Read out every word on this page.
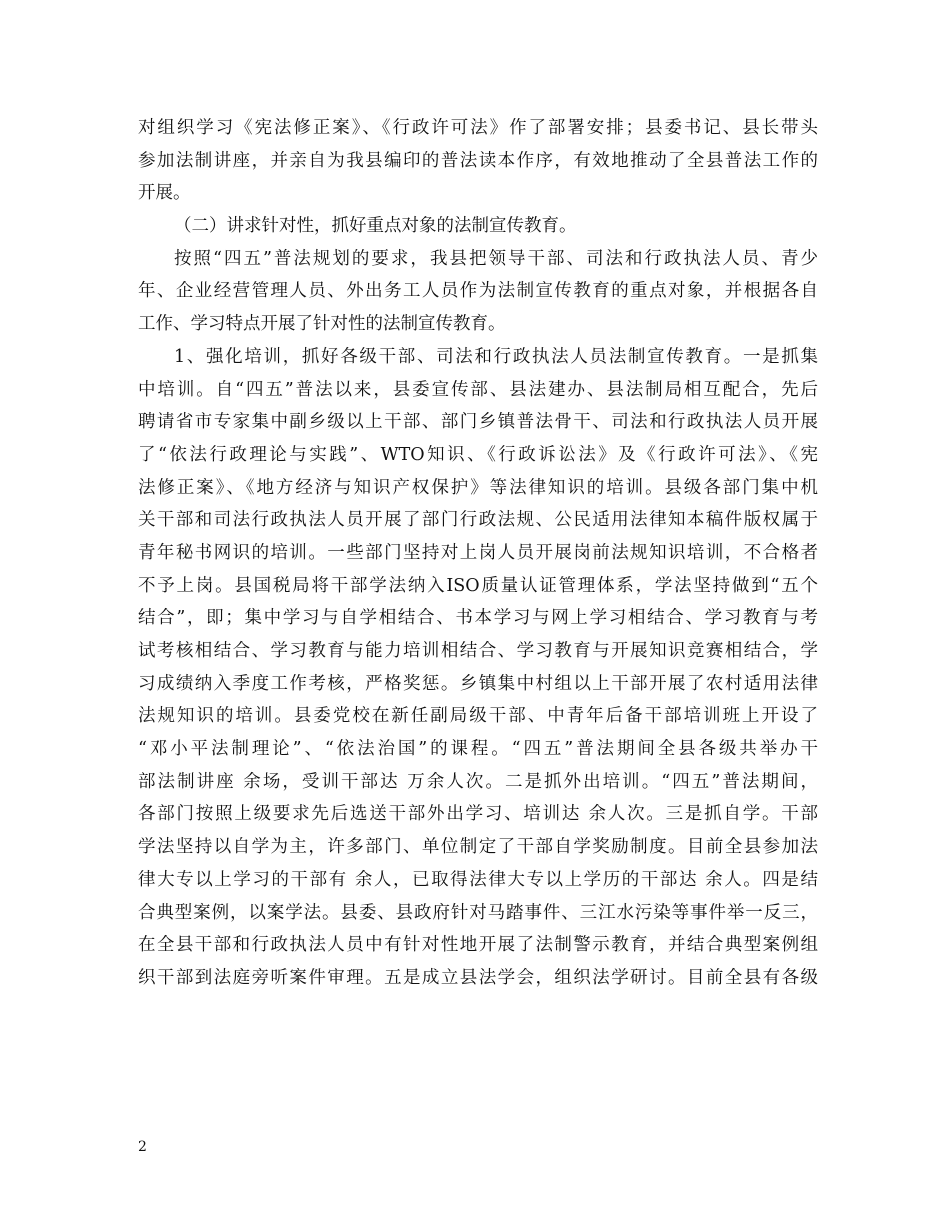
对组织学习《宪法修正案》、《行政许可法》作了部署安排；县委书记、县长带头
参加法制讲座，并亲自为我县编印的普法读本作序，有效地推动了全县普法工作的
开展。
（二）讲求针对性，抓好重点对象的法制宣传教育。
按照“四五”普法规划的要求，我县把领导干部、司法和行政执法人员、青少
年、企业经营管理人员、外出务工人员作为法制宣传教育的重点对象，并根据各自
工作、学习特点开展了针对性的法制宣传教育。
1、强化培训，抓好各级干部、司法和行政执法人员法制宣传教育。一是抓集
中培训。自“四五”普法以来，县委宣传部、县法建办、县法制局相互配合，先后
聘请省市专家集中副乡级以上干部、部门乡镇普法骨干、司法和行政执法人员开展
了“依法行政理论与实践”、WTO知识、《行政诉讼法》及《行政许可法》、《宪
法修正案》、《地方经济与知识产权保护》等法律知识的培训。县级各部门集中机
关干部和司法行政执法人员开展了部门行政法规、公民适用法律知本稿件版权属于
青年秘书网识的培训。一些部门坚持对上岗人员开展岗前法规知识培训，不合格者
不予上岗。县国税局将干部学法纳入ISO质量认证管理体系，学法坚持做到“五个
结合”，即；集中学习与自学相结合、书本学习与网上学习相结合、学习教育与考
试考核相结合、学习教育与能力培训相结合、学习教育与开展知识竞赛相结合，学
习成绩纳入季度工作考核，严格奖惩。乡镇集中村组以上干部开展了农村适用法律
法规知识的培训。县委党校在新任副局级干部、中青年后备干部培训班上开设了
“邓小平法制理论”、“依法治国”的课程。“四五”普法期间全县各级共举办干
部法制讲座 余场，受训干部达 万余人次。二是抓外出培训。“四五”普法期间，
各部门按照上级要求先后选送干部外出学习、培训达 余人次。三是抓自学。干部
学法坚持以自学为主，许多部门、单位制定了干部自学奖励制度。目前全县参加法
律大专以上学习的干部有 余人，已取得法律大专以上学历的干部达 余人。四是结
合典型案例，以案学法。县委、县政府针对马踏事件、三江水污染等事件举一反三，
在全县干部和行政执法人员中有针对性地开展了法制警示教育，并结合典型案例组
织干部到法庭旁听案件审理。五是成立县法学会，组织法学研讨。目前全县有各级
2
